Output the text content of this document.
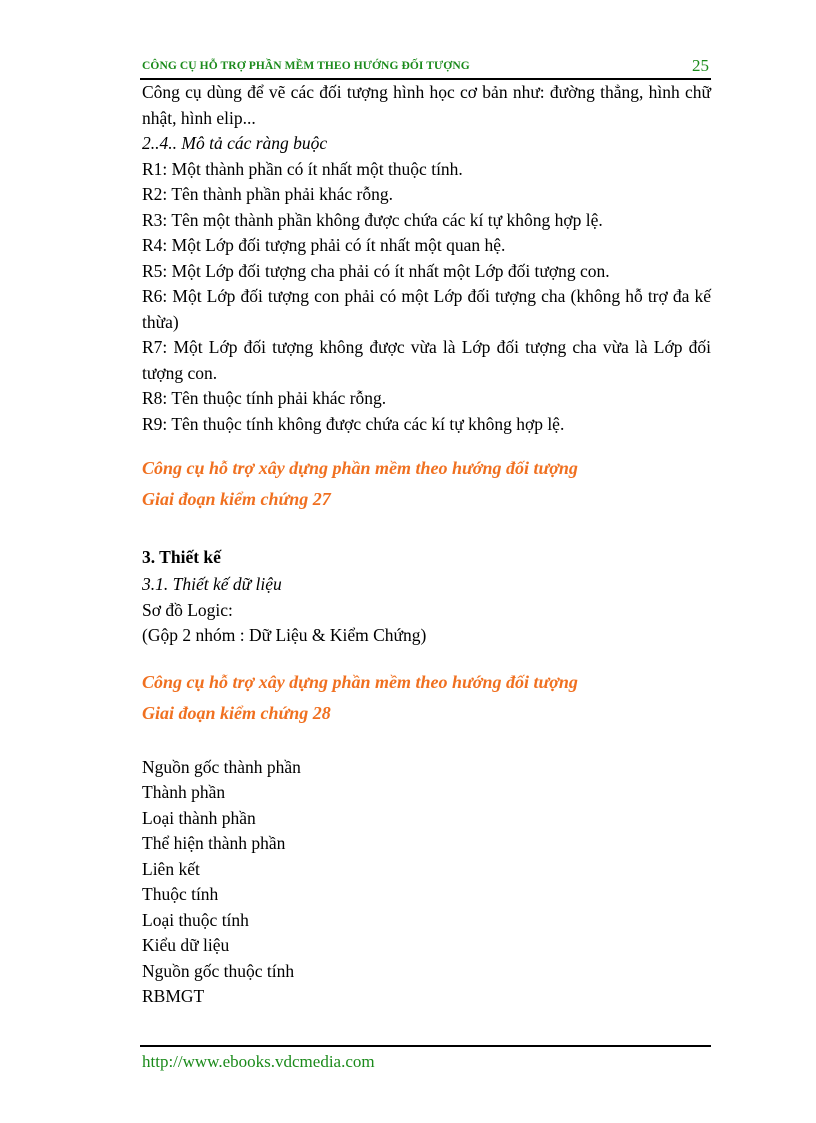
CÔNG CỤ HỖ TRỢ PHẦN MỀM THEO HƯỚNG ĐỐI TƯỢNG	25

Công cụ dùng để vẽ các đối tượng hình học cơ bản như: đường thẳng, hình chữ nhật, hình elip...

2..4.. Mô tả các ràng buộc

R1: Một thành phần có ít nhất một thuộc tính.

R2: Tên thành phần phải khác rỗng.

R3: Tên một thành phần không được chứa các kí tự không hợp lệ.

R4: Một Lớp đối tượng phải có ít nhất một quan hệ.

R5: Một Lớp đối tượng cha phải có ít nhất một Lớp đối tượng con.

R6: Một Lớp đối tượng con phải có một Lớp đối tượng cha (không hỗ trợ đa kế thừa)

R7: Một Lớp đối tượng không được vừa là Lớp đối tượng cha vừa là Lớp đối tượng con.

R8: Tên thuộc tính phải khác rỗng.

R9: Tên thuộc tính không được chứa các kí tự không hợp lệ.

Công cụ hỗ trợ xây dựng phần mềm theo hướng đối tượng

Giai đoạn kiểm chứng 27

3. Thiết kế

3.1. Thiết kế dữ liệu

Sơ đồ Logic:

(Gộp 2 nhóm : Dữ Liệu & Kiểm Chứng)

Công cụ hỗ trợ xây dựng phần mềm theo hướng đối tượng

Giai đoạn kiểm chứng 28

Nguồn gốc thành phần

Thành phần

Loại thành phần

Thể hiện thành phần

Liên kết

Thuộc tính

Loại thuộc tính

Kiểu dữ liệu

Nguồn gốc thuộc tính

RBMGT

http://www.ebooks.vdcmedia.com
